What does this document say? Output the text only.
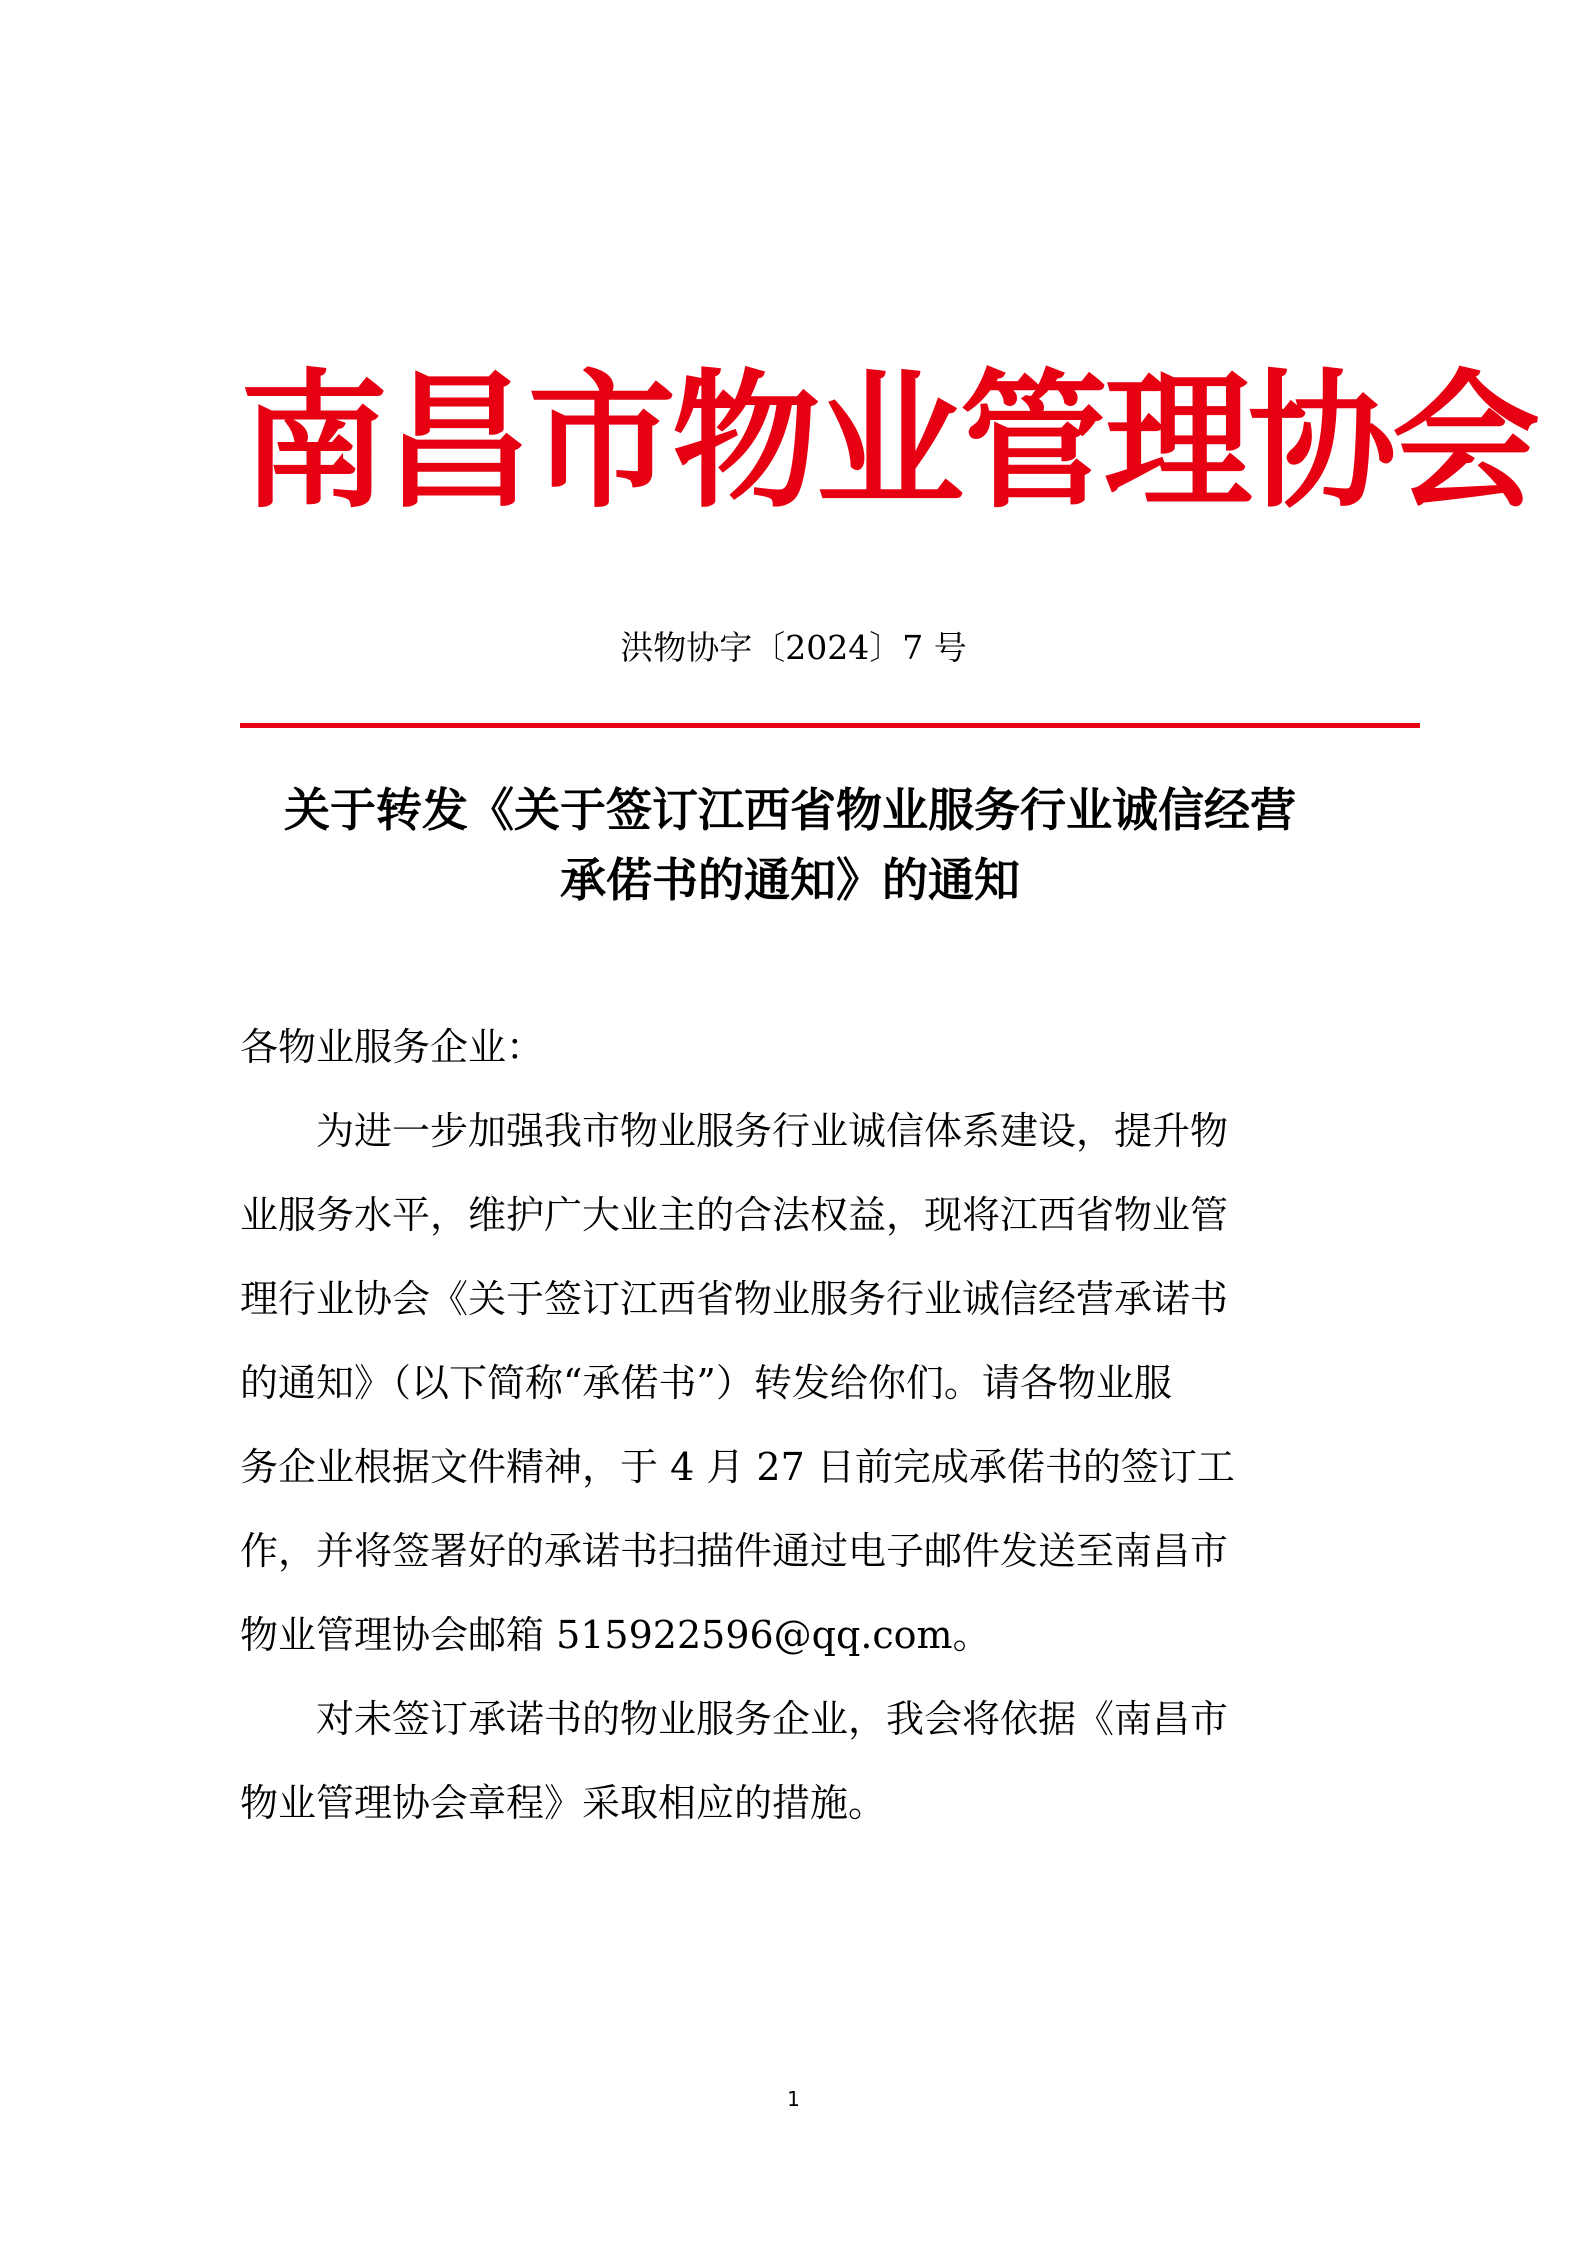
南昌市物业管理协会
洪物协字〔2024〕7 号
关于转发《关于签订江西省物业服务行业诚信经营
承偌书的通知》的通知

各物业服务企业：

　　为进一步加强我市物业服务行业诚信体系建设，提升物

业服务水平，维护广大业主的合法权益，现将江西省物业管

理行业协会《关于签订江西省物业服务行业诚信经营承诺书

的通知》（以下简称“承偌书”）转发给你们。请各物业服

务企业根据文件精神，于 4 月 27 日前完成承偌书的签订工

作，并将签署好的承诺书扫描件通过电子邮件发送至南昌市

物业管理协会邮箱 515922596@qq.com。

　　对未签订承诺书的物业服务企业，我会将依据《南昌市

物业管理协会章程》采取相应的措施。

1
